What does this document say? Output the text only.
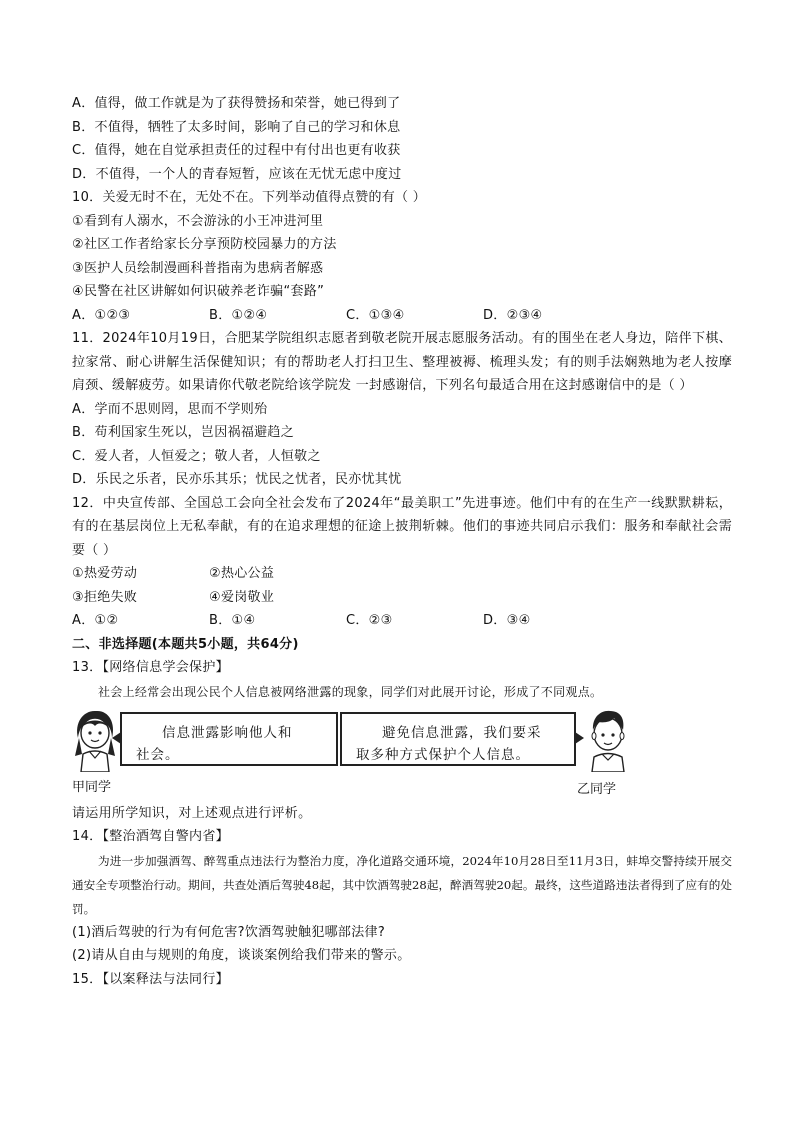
A．值得，做工作就是为了获得赞扬和荣誉，她已得到了
B．不值得，牺牲了太多时间，影响了自己的学习和休息
C．值得，她在自觉承担责任的过程中有付出也更有收获
D．不值得，一个人的青春短暂，应该在无忧无虑中度过
10．关爱无时不在，无处不在。下列举动值得点赞的有（ ）
①看到有人溺水，不会游泳的小王冲进河里
②社区工作者给家长分享预防校园暴力的方法
③医护人员绘制漫画科普指南为患病者解惑
④民警在社区讲解如何识破养老诈骗“套路”
A．①②③	B．①②④	C．①③④	D．②③④
11．2024年10月19日，合肥某学院组织志愿者到敬老院开展志愿服务活动。有的围坐在老人身边，陪伴下棋、拉家常、耐心讲解生活保健知识；有的帮助老人打扫卫生、整理被褥、梳理头发；有的则手法娴熟地为老人按摩肩颈、缓解疲劳。如果请你代敬老院给该学院发 一封感谢信，下列名句最适合用在这封感谢信中的是（ ）
A．学而不思则罔，思而不学则殆
B．苟利国家生死以，岂因祸福避趋之
C．爱人者，人恒爱之；敬人者，人恒敬之
D．乐民之乐者，民亦乐其乐；忧民之忧者，民亦忧其忧
12．中央宣传部、全国总工会向全社会发布了2024年“最美职工”先进事迹。他们中有的在生产一线默默耕耘，有的在基层岗位上无私奉献，有的在追求理想的征途上披荆斩棘。他们的事迹共同启示我们：服务和奉献社会需要（ ）
①热爱劳动	②热心公益
③拒绝失败	④爱岗敬业
A．①②	B．①④	C．②③	D．③④
二、非选择题(本题共5小题，共64分)
13．【网络信息学会保护】
社会上经常会出现公民个人信息被网络泄露的现象，同学们对此展开讨论，形成了不同观点。
信息泄露影响他人和
社会。
避免信息泄露，我们要采
取多种方式保护个人信息。
甲同学	乙同学
请运用所学知识，对上述观点进行评析。
14．【整治酒驾自警内省】
为进一步加强酒驾、醉驾重点违法行为整治力度，净化道路交通环境，2024年10月28日至11月3日，蚌埠交警持续开展交通安全专项整治行动。期间，共查处酒后驾驶48起，其中饮酒驾驶28起，醉酒驾驶20起。最终，这些道路违法者得到了应有的处罚。
(1)酒后驾驶的行为有何危害?饮酒驾驶触犯哪部法律?
(2)请从自由与规则的角度，谈谈案例给我们带来的警示。
15．【以案释法与法同行】
